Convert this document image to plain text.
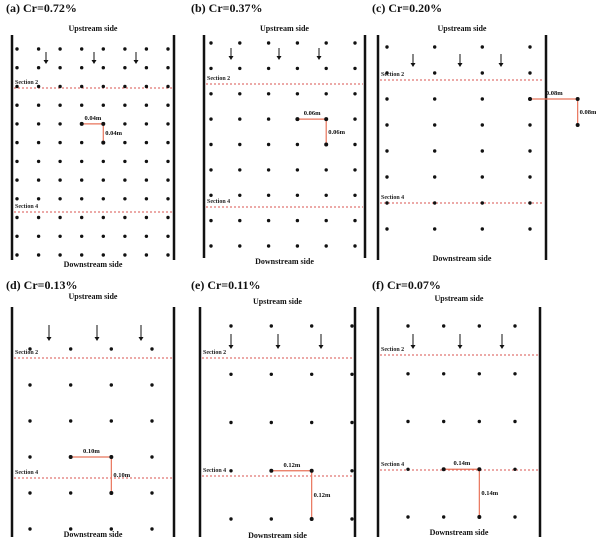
(a) Cr=0.72%
Upstream side
Downstream side
Section 2
Section 4
0.04m
0.04m
(b) Cr=0.37%
Upstream side
Downstream side
Section 2
Section 4
0.06m
0.06m
(c) Cr=0.20%
Upstream side
Downstream side
Section 2
Section 4
0.08m
0.08m
(d) Cr=0.13%
Upstream side
Downstream side
Section 2
Section 4
0.10m
0.10m
(e) Cr=0.11%
Upstream side
Downstream side
Section 2
Section 4
0.12m
0.12m
(f) Cr=0.07%
Upstream side
Downstream side
Section 2
Section 4	0.14m
0.14m
